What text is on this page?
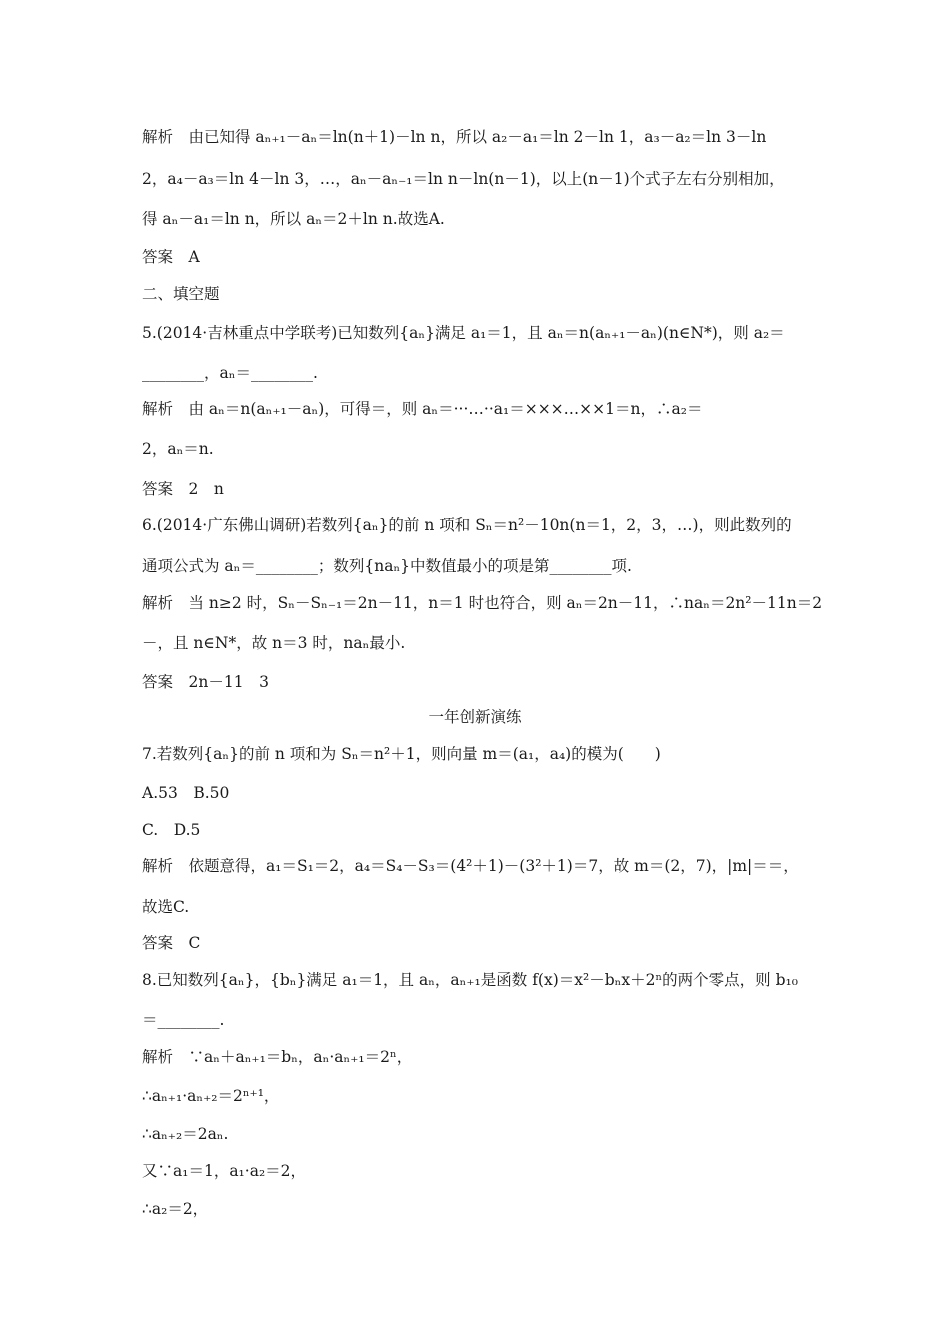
解析　由已知得 aₙ₊₁－aₙ＝ln(n＋1)－ln n，所以 a₂－a₁＝ln 2－ln 1，a₃－a₂＝ln 3－ln
2，a₄－a₃＝ln 4－ln 3，…，aₙ－aₙ₋₁＝ln n－ln(n－1)，以上(n－1)个式子左右分别相加，
得 aₙ－a₁＝ln n，所以 aₙ＝2＋ln n.故选A.
答案　A
二、填空题
5.(2014·吉林重点中学联考)已知数列{aₙ}满足 a₁＝1，且 aₙ＝n(aₙ₊₁－aₙ)(n∈N*)，则 a₂＝
________，aₙ＝________.
解析　由 aₙ＝n(aₙ₊₁－aₙ)，可得＝，则 aₙ＝···…··a₁＝×××…××1＝n，∴a₂＝
2，aₙ＝n.
答案　2　n
6.(2014·广东佛山调研)若数列{aₙ}的前 n 项和 Sₙ＝n²－10n(n＝1，2，3，…)，则此数列的
通项公式为 aₙ＝________；数列{naₙ}中数值最小的项是第________项.
解析　当 n≥2 时，Sₙ－Sₙ₋₁＝2n－11，n＝1 时也符合，则 aₙ＝2n－11，∴naₙ＝2n²－11n＝2
－，且 n∈N*，故 n＝3 时，naₙ最小.
答案　2n－11　3
一年创新演练
7.若数列{aₙ}的前 n 项和为 Sₙ＝n²＋1，则向量 m＝(a₁，a₄)的模为(　　)
A.53　B.50
C.　D.5
解析　依题意得，a₁＝S₁＝2，a₄＝S₄－S₃＝(4²＋1)－(3²＋1)＝7，故 m＝(2，7)，|m|＝＝，
故选C.
答案　C
8.已知数列{aₙ}，{bₙ}满足 a₁＝1，且 aₙ，aₙ₊₁是函数 f(x)＝x²－bₙx＋2ⁿ的两个零点，则 b₁₀
＝________.
解析　∵aₙ＋aₙ₊₁＝bₙ，aₙ·aₙ₊₁＝2ⁿ，
∴aₙ₊₁·aₙ₊₂＝2ⁿ⁺¹，
∴aₙ₊₂＝2aₙ.
又∵a₁＝1，a₁·a₂＝2，
∴a₂＝2，
